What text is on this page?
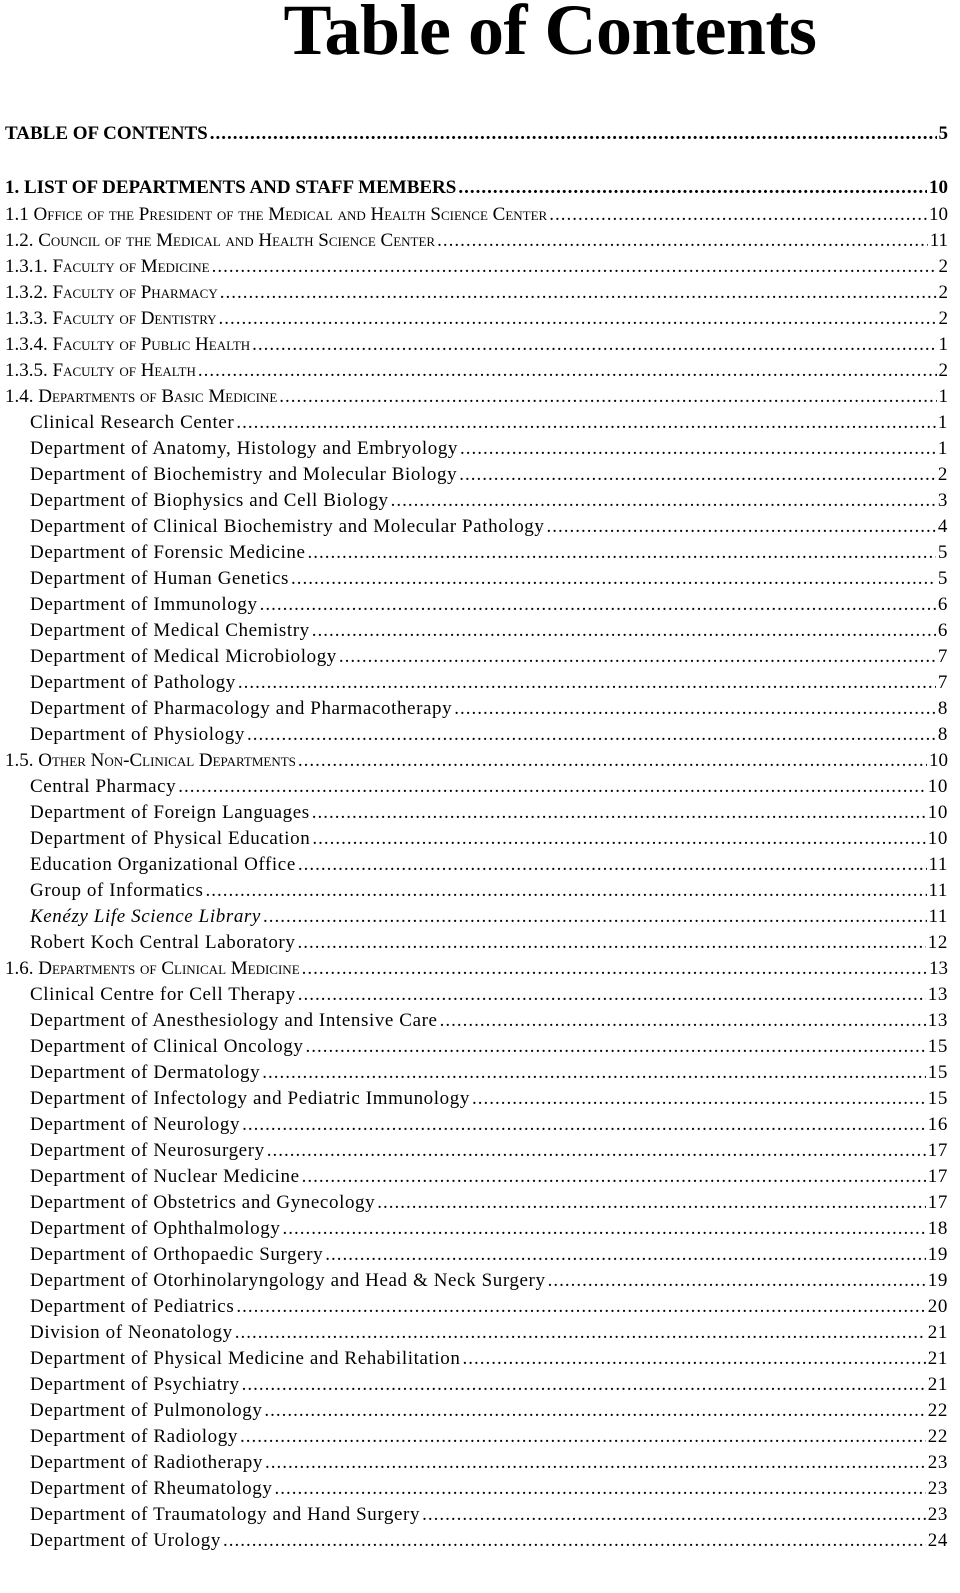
Table of Contents
TABLE OF CONTENTS .....	5
1. LIST OF DEPARTMENTS AND STAFF MEMBERS .....	10
1.1 Office of the President of the Medical and Health Science Center .....	10
1.2. Council of the Medical and Health Science Center .....	11
1.3.1. Faculty of Medicine .....	2
1.3.2. Faculty of Pharmacy .....	2
1.3.3. Faculty of Dentistry .....	2
1.3.4. Faculty of Public Health .....	1
1.3.5. Faculty of Health .....	2
1.4. Departments of Basic Medicine .....	1
Clinical Research Center .....	1
Department of Anatomy, Histology and Embryology .....	1
Department of Biochemistry and Molecular Biology .....	2
Department of Biophysics and Cell Biology .....	3
Department of Clinical Biochemistry and Molecular Pathology .....	4
Department of Forensic Medicine .....	5
Department of Human Genetics .....	5
Department of Immunology .....	6
Department of Medical Chemistry .....	6
Department of Medical Microbiology .....	7
Department of Pathology .....	7
Department of Pharmacology and Pharmacotherapy .....	8
Department of Physiology .....	8
1.5. Other Non-Clinical Departments .....	10
Central Pharmacy .....	10
Department of Foreign Languages .....	10
Department of Physical Education .....	10
Education Organizational Office .....	11
Group of Informatics .....	11
Kenézy Life Science Library .....	11
Robert Koch Central Laboratory .....	12
1.6. Departments of Clinical Medicine .....	13
Clinical Centre for Cell Therapy .....	13
Department of Anesthesiology and Intensive Care .....	13
Department of Clinical Oncology .....	15
Department of Dermatology .....	15
Department of Infectology and Pediatric Immunology .....	15
Department of Neurology .....	16
Department of Neurosurgery .....	17
Department of Nuclear Medicine .....	17
Department of Obstetrics and Gynecology .....	17
Department of Ophthalmology .....	18
Department of Orthopaedic Surgery .....	19
Department of Otorhinolaryngology and Head & Neck Surgery .....	19
Department of Pediatrics .....	20
Division of Neonatology .....	21
Department of Physical Medicine and Rehabilitation .....	21
Department of Psychiatry .....	21
Department of Pulmonology .....	22
Department of Radiology .....	22
Department of Radiotherapy .....	23
Department of Rheumatology .....	23
Department of Traumatology and Hand Surgery .....	23
Department of Urology .....	24
